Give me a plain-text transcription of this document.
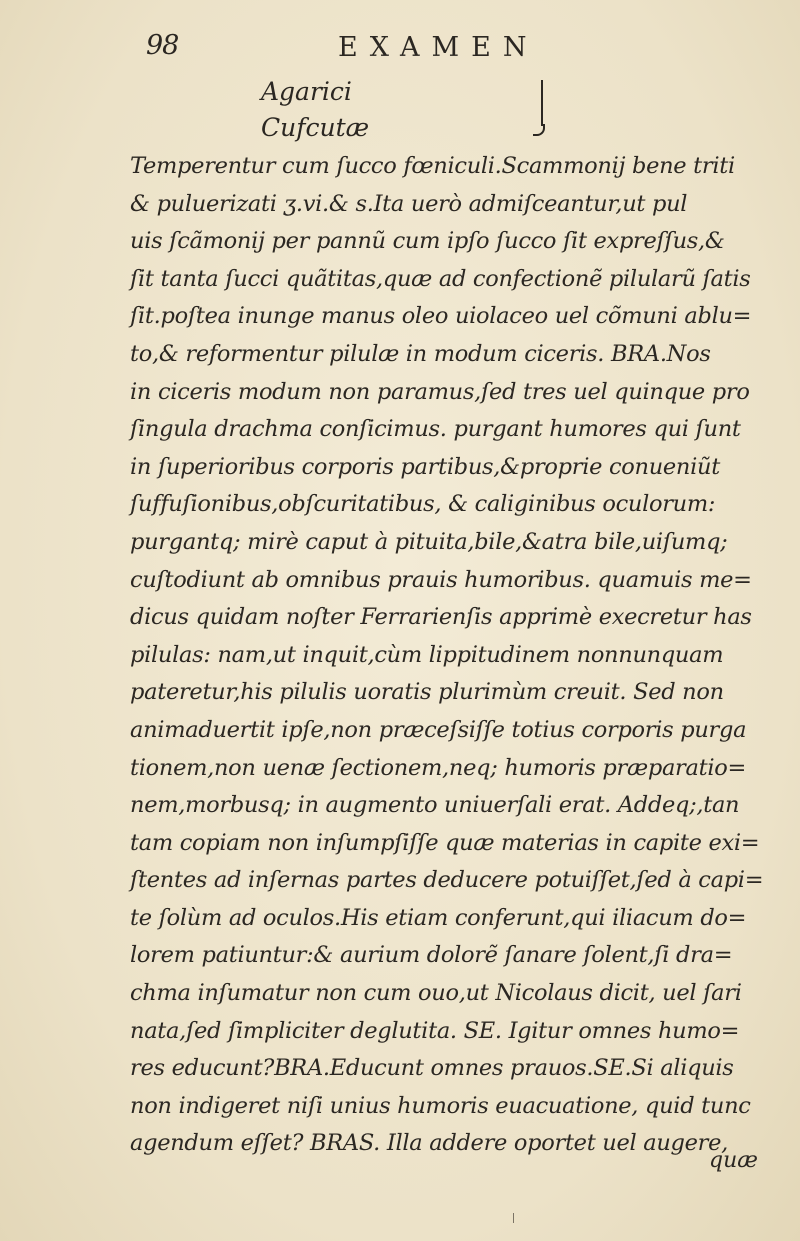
98	EXAMEN
Agarici
Cufcutæ
Temperentur cum ſucco fœniculi.Scammonij bene triti
& puluerizati ʒ.vi.& s.Ita uerò admiſceantur,ut pul
uis ſcãmonij per pannũ cum ipſo ſucco ſit expreſſus,&
ſit tanta ſucci quãtitas,quæ ad confectionẽ pilularũ ſatis
ſit.poſtea inunge manus oleo uiolaceo uel cõmuni ablu=
to,& reformentur pilulæ in modum ciceris. BRA.Nos
in ciceris modum non paramus,ſed tres uel quinque pro
ſingula drachma conſicimus. purgant humores qui ſunt
in ſuperioribus corporis partibus,&proprie conueniũt
ſuffuſionibus,obſcuritatibus, & caliginibus oculorum:
purgantq; mirè caput à pituita,bile,&atra bile,uiſumq;
cuſtodiunt ab omnibus prauis humoribus. quamuis me=
dicus quidam noſter Ferrarienſis apprimè execretur has
pilulas: nam,ut inquit,cùm lippitudinem nonnunquam
pateretur,his pilulis uoratis plurimùm creuit. Sed non
animaduertit ipſe,non præceſsiſſe totius corporis purga
tionem,non uenæ ſectionem,neq; humoris præparatio=
nem,morbusq; in augmento uniuerſali erat. Addeq;,tan
tam copiam non inſumpſiſſe quæ materias in capite exi=
ſtentes ad inſernas partes deducere potuiſſet,ſed à capi=
te ſolùm ad oculos.His etiam conferunt,qui iliacum do=
lorem patiuntur:& aurium dolorẽ ſanare ſolent,ſi dra=
chma inſumatur non cum ouo,ut Nicolaus dicit, uel ſari
nata,ſed ſimpliciter deglutita. SE. Igitur omnes humo=
res educunt?BRA.Educunt omnes prauos.SE.Si aliquis
non indigeret niſi unius humoris euacuatione, quid tunc
agendum eſſet? BRAS. Illa addere oportet uel augere,
quæ
